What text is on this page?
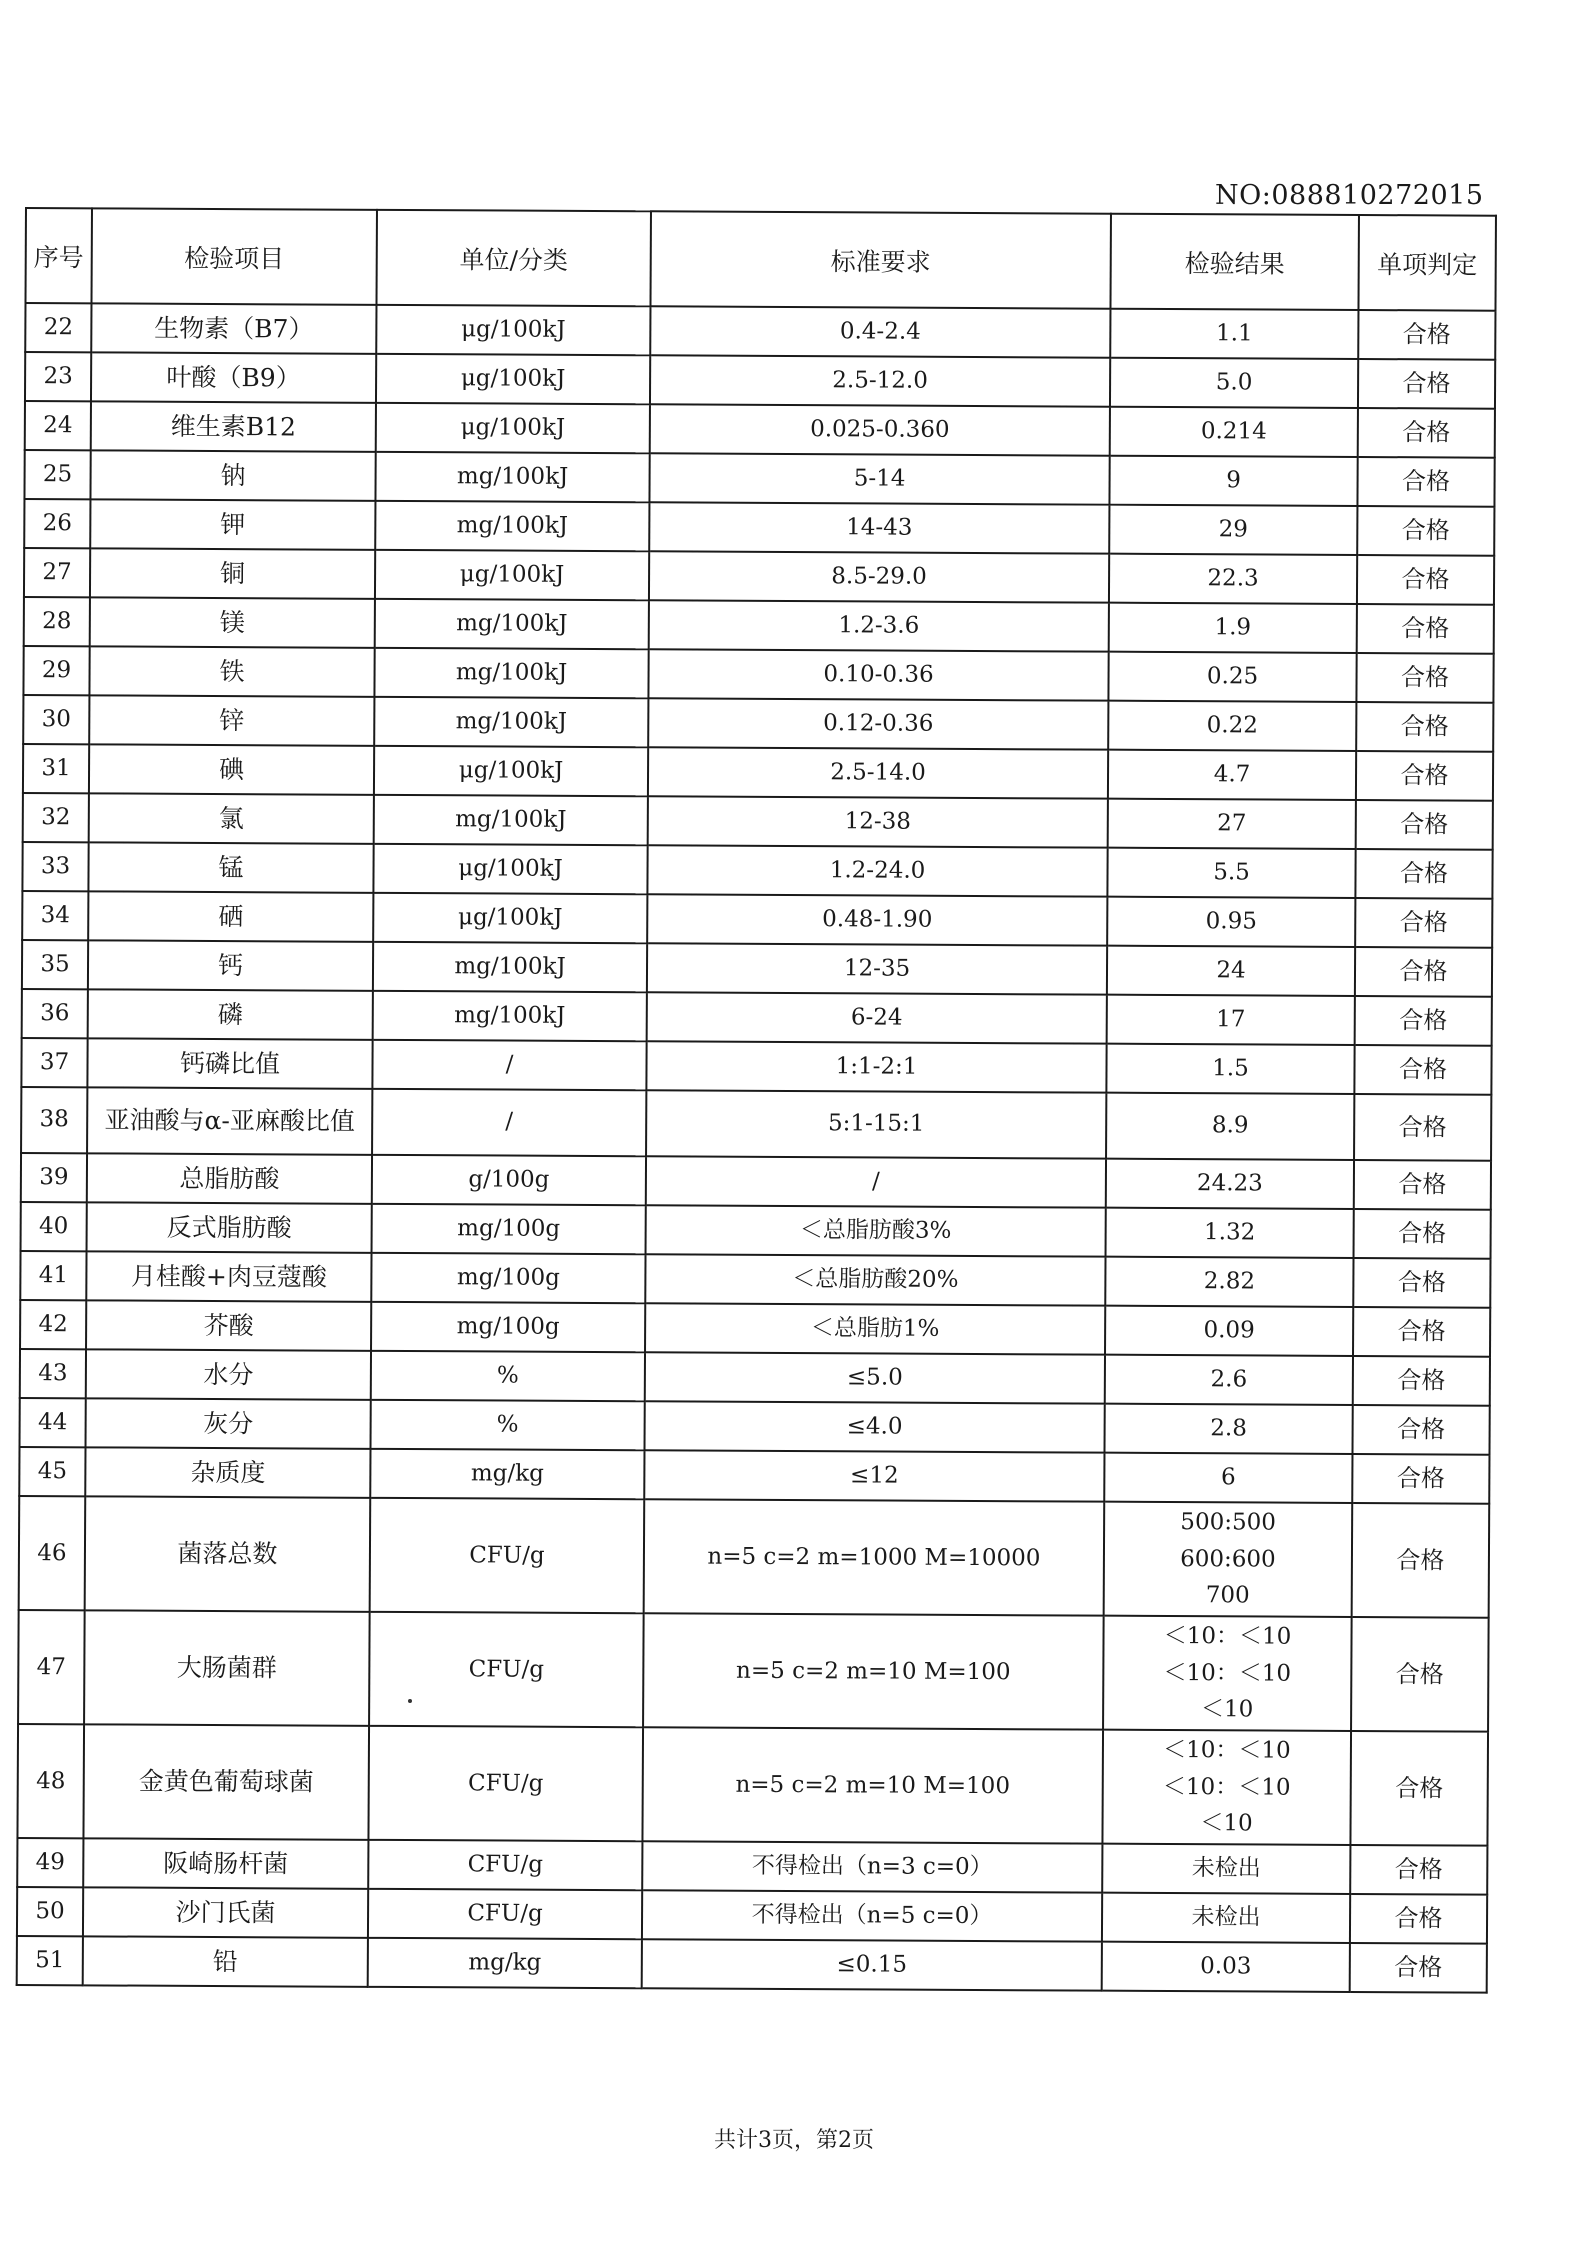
NO:088810272015
序号	检验项目	单位/分类	标准要求	检验结果	单项判定
22	生物素（B7）	μg/100kJ	0.4-2.4	1.1	合格
23	叶酸（B9）	μg/100kJ	2.5-12.0	5.0	合格
24	维生素B12	μg/100kJ	0.025-0.360	0.214	合格
25	钠	mg/100kJ	5-14	9	合格
26	钾	mg/100kJ	14-43	29	合格
27	铜	μg/100kJ	8.5-29.0	22.3	合格
28	镁	mg/100kJ	1.2-3.6	1.9	合格
29	铁	mg/100kJ	0.10-0.36	0.25	合格
30	锌	mg/100kJ	0.12-0.36	0.22	合格
31	碘	μg/100kJ	2.5-14.0	4.7	合格
32	氯	mg/100kJ	12-38	27	合格
33	锰	μg/100kJ	1.2-24.0	5.5	合格
34	硒	μg/100kJ	0.48-1.90	0.95	合格
35	钙	mg/100kJ	12-35	24	合格
36	磷	mg/100kJ	6-24	17	合格
37	钙磷比值	/	1:1-2:1	1.5	合格
38	亚油酸与α-亚麻酸比值	/	5:1-15:1	8.9	合格
39	总脂肪酸	g/100g	/	24.23	合格
40	反式脂肪酸	mg/100g	＜总脂肪酸3%	1.32	合格
41	月桂酸+肉豆蔻酸	mg/100g	＜总脂肪酸20%	2.82	合格
42	芥酸	mg/100g	＜总脂肪1%	0.09	合格
43	水分	%	≤5.0	2.6	合格
44	灰分	%	≤4.0	2.8	合格
45	杂质度	mg/kg	≤12	6	合格
46	菌落总数	CFU/g	n=5 c=2 m=1000 M=10000	500:500
600:600
700	合格
47	大肠菌群	CFU/g	n=5 c=2 m=10 M=100	＜10：＜10
＜10：＜10
＜10	合格
48	金黄色葡萄球菌	CFU/g	n=5 c=2 m=10 M=100	＜10：＜10
＜10：＜10
＜10	合格
49	阪崎肠杆菌	CFU/g	不得检出（n=3 c=0）	未检出	合格
50	沙门氏菌	CFU/g	不得检出（n=5 c=0）	未检出	合格
51	铅	mg/kg	≤0.15	0.03	合格
共计3页，第2页
